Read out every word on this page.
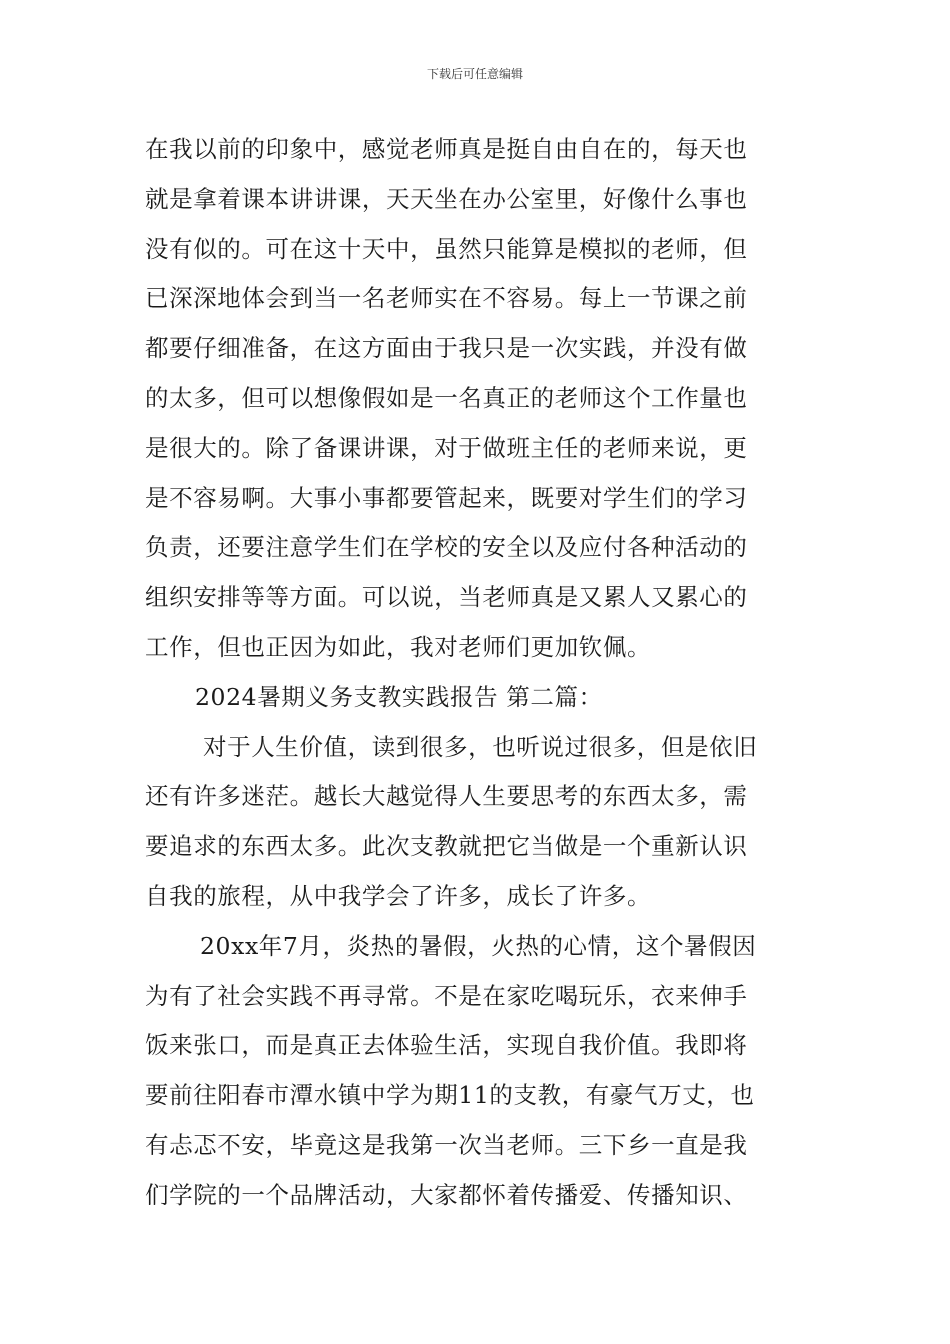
下载后可任意编辑
在我以前的印象中，感觉老师真是挺自由自在的，每天也
就是拿着课本讲讲课，天天坐在办公室里，好像什么事也
没有似的。可在这十天中，虽然只能算是模拟的老师，但
已深深地体会到当一名老师实在不容易。每上一节课之前
都要仔细准备，在这方面由于我只是一次实践，并没有做
的太多，但可以想像假如是一名真正的老师这个工作量也
是很大的。除了备课讲课，对于做班主任的老师来说，更
是不容易啊。大事小事都要管起来，既要对学生们的学习
负责，还要注意学生们在学校的安全以及应付各种活动的
组织安排等等方面。可以说，当老师真是又累人又累心的
工作，但也正因为如此，我对老师们更加钦佩。
2024暑期义务支教实践报告 第二篇：
对于人生价值，读到很多，也听说过很多，但是依旧
还有许多迷茫。越长大越觉得人生要思考的东西太多，需
要追求的东西太多。此次支教就把它当做是一个重新认识
自我的旅程，从中我学会了许多，成长了许多。
20xx年7月，炎热的暑假，火热的心情，这个暑假因
为有了社会实践不再寻常。不是在家吃喝玩乐，衣来伸手
饭来张口，而是真正去体验生活，实现自我价值。我即将
要前往阳春市潭水镇中学为期11的支教，有豪气万丈，也
有忐忑不安，毕竟这是我第一次当老师。三下乡一直是我
们学院的一个品牌活动，大家都怀着传播爱、传播知识、
